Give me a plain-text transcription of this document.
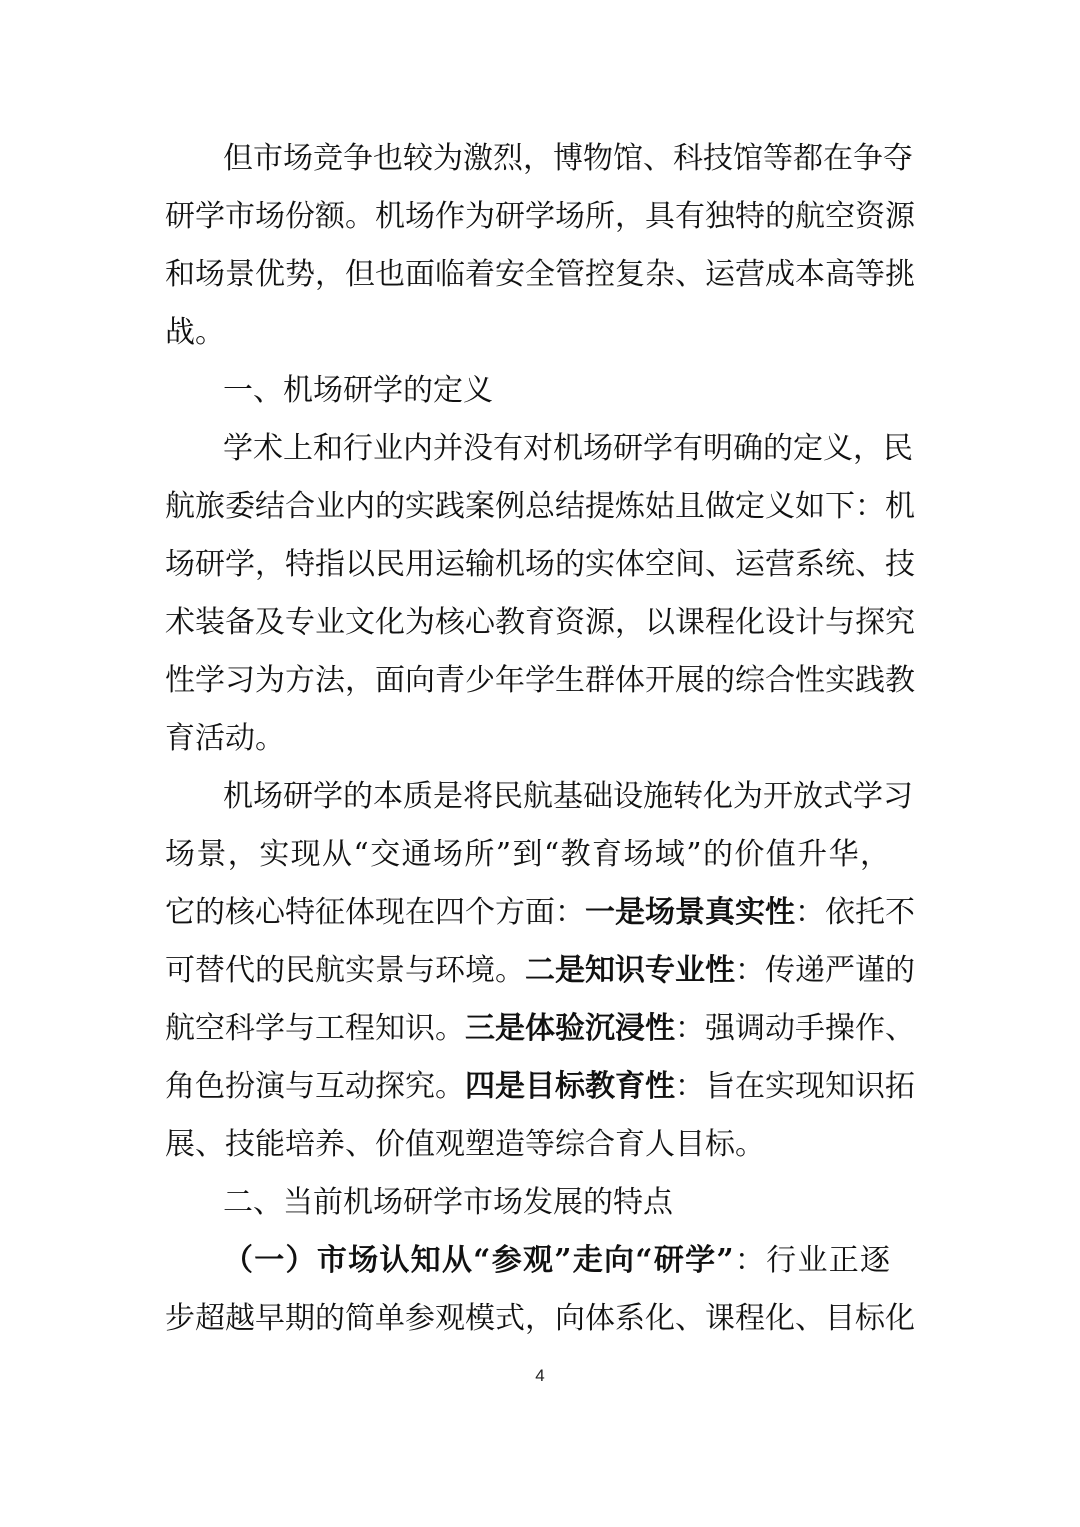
但市场竞争也较为激烈，博物馆、科技馆等都在争夺
研学市场份额。机场作为研学场所，具有独特的航空资源
和场景优势，但也面临着安全管控复杂、运营成本高等挑
战。
一、机场研学的定义
学术上和行业内并没有对机场研学有明确的定义，民
航旅委结合业内的实践案例总结提炼姑且做定义如下：机
场研学，特指以民用运输机场的实体空间、运营系统、技
术装备及专业文化为核心教育资源，以课程化设计与探究
性学习为方法，面向青少年学生群体开展的综合性实践教
育活动。
机场研学的本质是将民航基础设施转化为开放式学习
场景，实现从“交通场所”到“教育场域”的价值升华，
它的核心特征体现在四个方面：一是场景真实性：依托不
可替代的民航实景与环境。二是知识专业性：传递严谨的
航空科学与工程知识。三是体验沉浸性：强调动手操作、
角色扮演与互动探究。四是目标教育性：旨在实现知识拓
展、技能培养、价值观塑造等综合育人目标。
二、当前机场研学市场发展的特点
（一）市场认知从“参观”走向“研学”：行业正逐
步超越早期的简单参观模式，向体系化、课程化、目标化
4
